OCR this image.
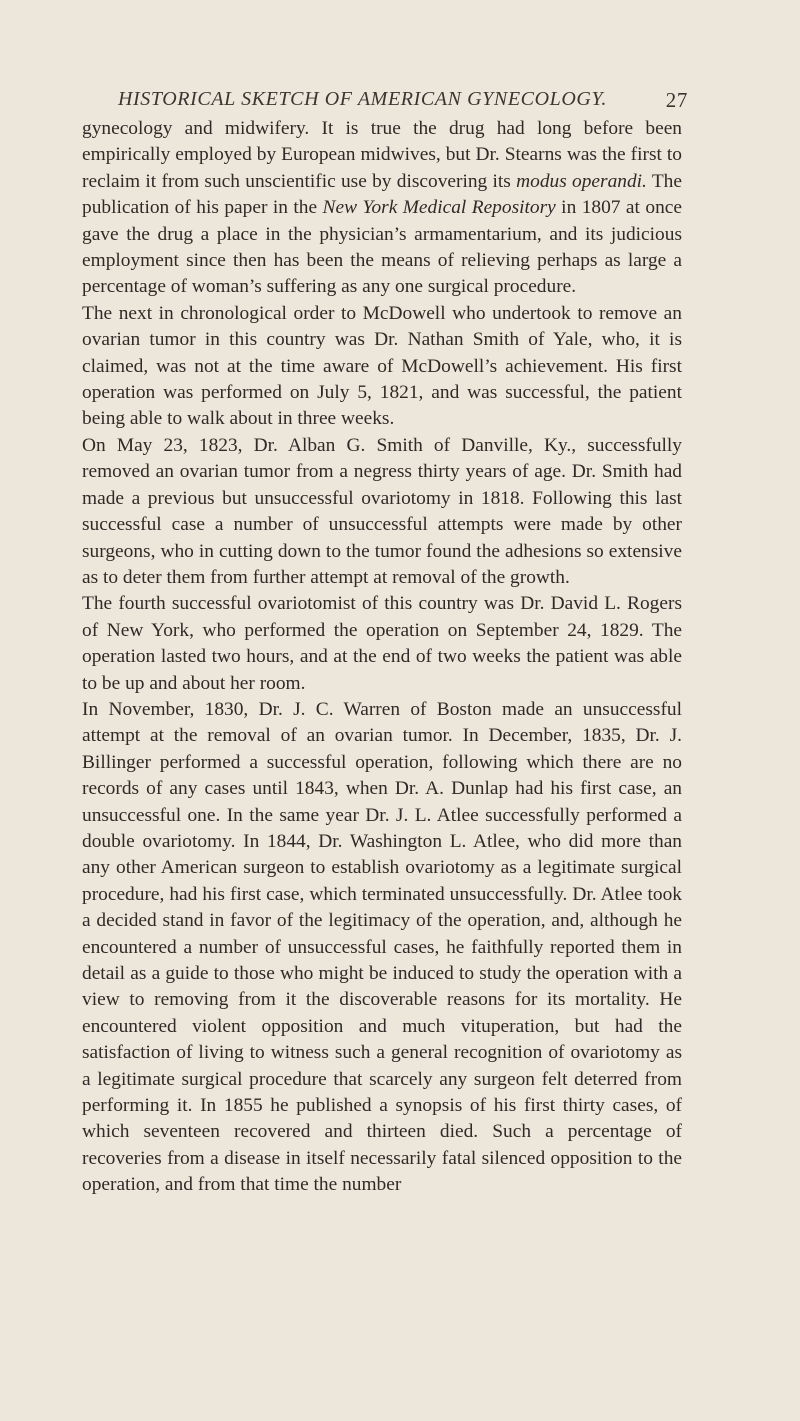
HISTORICAL SKETCH OF AMERICAN GYNECOLOGY.	27

gynecology and midwifery. It is true the drug had long before been empirically employed by European midwives, but Dr. Stearns was the first to reclaim it from such unscientific use by discovering its modus operandi. The publication of his paper in the New York Medical Repository in 1807 at once gave the drug a place in the physician’s armamentarium, and its judicious employment since then has been the means of relieving perhaps as large a percentage of woman’s suffering as any one surgical procedure.

The next in chronological order to McDowell who undertook to remove an ovarian tumor in this country was Dr. Nathan Smith of Yale, who, it is claimed, was not at the time aware of McDowell’s achievement. His first operation was performed on July 5, 1821, and was successful, the patient being able to walk about in three weeks.

On May 23, 1823, Dr. Alban G. Smith of Danville, Ky., successfully removed an ovarian tumor from a negress thirty years of age. Dr. Smith had made a previous but unsuccessful ovariotomy in 1818. Following this last successful case a number of unsuccessful attempts were made by other surgeons, who in cutting down to the tumor found the adhesions so extensive as to deter them from further attempt at removal of the growth.

The fourth successful ovariotomist of this country was Dr. David L. Rogers of New York, who performed the operation on September 24, 1829. The operation lasted two hours, and at the end of two weeks the patient was able to be up and about her room.

In November, 1830, Dr. J. C. Warren of Boston made an unsuccessful attempt at the removal of an ovarian tumor. In December, 1835, Dr. J. Billinger performed a successful operation, following which there are no records of any cases until 1843, when Dr. A. Dunlap had his first case, an unsuccessful one. In the same year Dr. J. L. Atlee successfully performed a double ovariotomy. In 1844, Dr. Washington L. Atlee, who did more than any other American surgeon to establish ovariotomy as a legitimate surgical procedure, had his first case, which terminated unsuccessfully. Dr. Atlee took a decided stand in favor of the legitimacy of the operation, and, although he encountered a number of unsuccessful cases, he faithfully reported them in detail as a guide to those who might be induced to study the operation with a view to removing from it the discoverable reasons for its mortality. He encountered violent opposition and much vituperation, but had the satisfaction of living to witness such a general recognition of ovariotomy as a legitimate surgical procedure that scarcely any surgeon felt deterred from performing it. In 1855 he published a synopsis of his first thirty cases, of which seventeen recovered and thirteen died. Such a percentage of recoveries from a disease in itself necessarily fatal silenced opposition to the operation, and from that time the number
